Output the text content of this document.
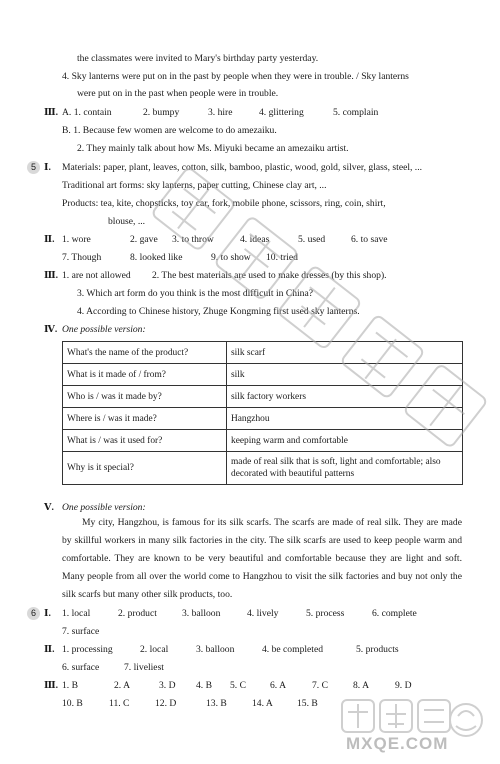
the classmates were invited to Mary's birthday party yesterday.
4. Sky lanterns were put on in the past by people when they were in trouble. / Sky lanterns
were put on in the past when people were in trouble.
Ⅲ. A. 1. contain	2. bumpy	3. hire	4. glittering	5. complain
B. 1. Because few women are welcome to do amezaiku.
2. They mainly talk about how Ms. Miyuki became an amezaiku artist.
5 Ⅰ. Materials: paper, plant, leaves, cotton, silk, bamboo, plastic, wood, gold, silver, glass, steel, ...
Traditional art forms: sky lanterns, paper cutting, Chinese clay art, ...
Products: tea, kite, chopsticks, toy car, fork, mobile phone, scissors, ring, coin, shirt,
blouse, ...
Ⅱ. 1. wore	2. gave 3. to throw	4. ideas	5. used	6. to save
7. Though	8. looked like	9. to show 10. tried
Ⅲ. 1. are not allowed 2. The best materials are used to make dresses (by this shop).
3. Which art form do you think is the most difficult in China?
4. According to Chinese history, Zhuge Kongming first used sky lanterns.
Ⅳ. One possible version:
What's the name of the product?	silk scarf
What is it made of / from?	silk
Who is / was it made by?	silk factory workers
Where is / was it made?	Hangzhou
What is / was it used for?	keeping warm and comfortable
Why is it special?	made of real silk that is soft, light and comfortable; also decorated with beautiful patterns
Ⅴ. One possible version:
My city, Hangzhou, is famous for its silk scarfs. The scarfs are made of real silk. They are made by skillful workers in many silk factories in the city. The silk scarfs are used to keep people warm and comfortable. They are known to be very beautiful and comfortable because they are light and soft. Many people from all over the world come to Hangzhou to visit the silk factories and buy not only the silk scarfs but many other silk products, too.
6 Ⅰ. 1. local	2. product	3. balloon	4. lively	5. process	6. complete
7. surface
Ⅱ. 1. processing	2. local	3. balloon	4. be completed	5. products
6. surface	7. liveliest
Ⅲ. 1. B	2. A	3. D 4. B 5. C	6. A	7. C	8. A	9. D
10. B	11. C	12. D	13. B	14. A	15. B
MXQE.COM
